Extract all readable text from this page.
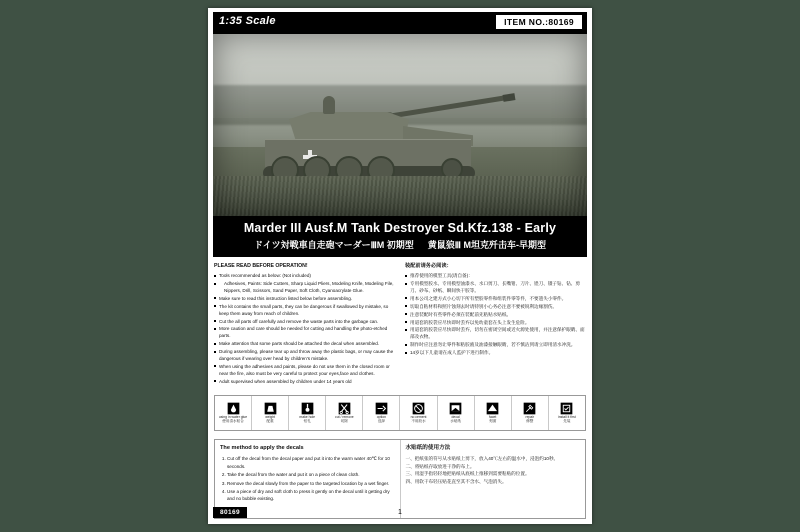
1:35 Scale	ITEM NO.:80169
Marder III Ausf.M Tank Destroyer Sd.Kfz.138 - Early
ドイツ対戦車自走砲マーダーⅢM 初期型 黄鼠狼Ⅲ M坦克歼击车-早期型
PLEASE READ BEFORE OPERATION!
Tools recommended as below: (Not included)
Adhesives, Paints: Side Cutters, Sharp Liquid Pliers, Modeling Knife, Modeling File, Nippers, Drill, Scissors, Sand Paper, Soft Cloth, Cyanoacrylate Glue.
Make sure to read this instruction listed below before assembling.
The kit contains the small parts, they can be dangerous if swallowed by mistake, so keep them away from reach of children.
Cut the all parts off carefully and remove the waste parts into the garbage can.
More caution and care should be needed for cutting and handling the photo-etched parts.
Make attention that some parts should be attached the decal when assembled.
During assembling, please tear up and throw away the plastic bags, or may cause the dangerous if wearing over head by children's mistake.
When using the adhesives and paints, please do not use them in the closed room or near the fire, also must be very careful to protect your eyes,face and clothes.
Adult supervised when assembled by children under 14 years old
装配前请务必阅读：
推荐使用的模型工具(请自备)：
专用模型胶水、专用模型油漆水、水口剪刀、长嘴钳、刀片、锉刀、镊子钻、钻、剪刀、砂布、砂纸、瞬间快干胶等。
用本公司之建方式小心切下所有塑胶零件和组装件零等件，不要遗失小零件。
切取自粘材料和照片蚀刻去时请特别小心务必注意不要被锐利边缘割伤。
注意装配时有些零件必须在装配前先粘贴水贴纸。
用道套的胶袋应尽快即时丢弃以免幼童套在头上发生危险。
用道套的胶袋应尽快即时丢弃，切勿在密闭空间或近火源处使用，并注意保护眼睛、面部及衣物。
制作时应注意勿让零件和粘胶液及油漆接触眼睛，若不慎沾到请立即用清水冲洗。
14岁以下儿童请在成人监护下进行制作。
using in water glue
使用清水粘合
weight
配重
make hole
钻孔
cut / remove
切除
option
选择
no cement
不用胶水
decal
水贴纸
facet
刻面
repair
修整
install it first
先装
The method to apply the decals
1. Cut off the decal from the decal paper and put it into the warm water 40℃ for 10 seconds.
2. Take the decal from the water and put it on a piece of clean cloth.
3. Remove the decal slowly from the paper to the targeted location by a wet finger.
4. Use a piece of dry and soft cloth to press it gently on the decal until it getting dry and no bubble existing.
水贴纸的使用方法
一、把纸张的符号从水贴纸上剪下，放入40℃左右的温水中，浸泡约10秒。
二、将贴纸存取放进干净的布上。
三、用湿手指轻轻地把贴纸从底纸上推移到需要粘贴的位置。
四、用软干布轻压贴花直至其不含水、气泡消失。
80169	1
